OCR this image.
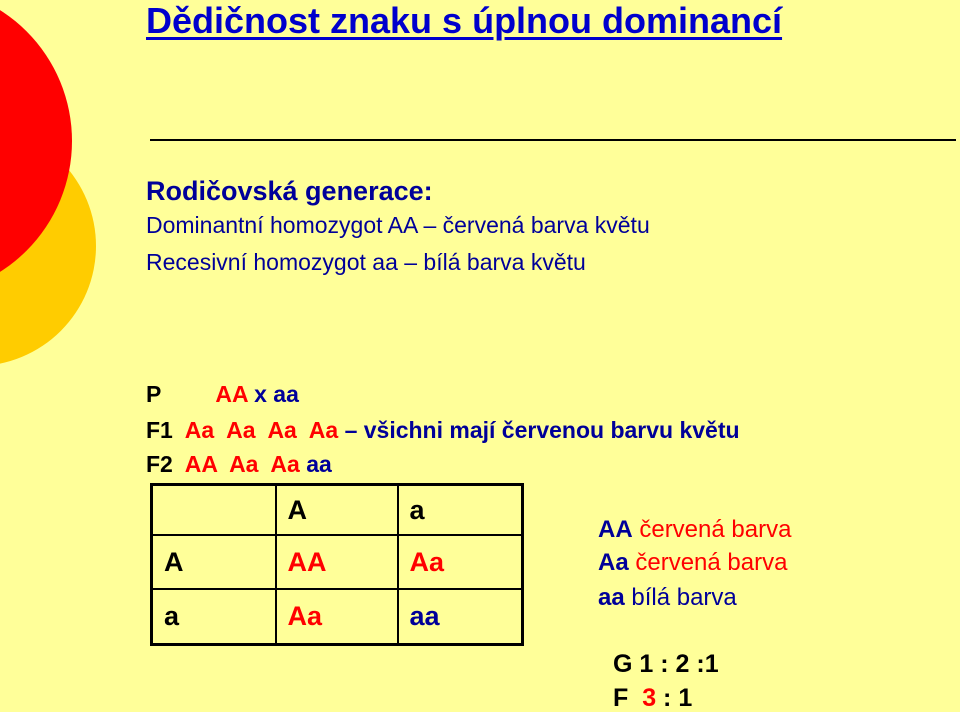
Dědičnost znaku s úplnou dominancí
Rodičovská generace:
Dominantní homozygot AA – červená barva květu
Recesivní homozygot aa – bílá barva květu
P AA x aa
F1 Aa  Aa  Aa  Aa – všichni mají červenou barvu květu
F2 AA  Aa  Aa aa
	A	a
A	AA	Aa
a	Aa	aa
AA červená barva
Aa červená barva
aa bílá barva
G 1 : 2 :1
F 3 : 1
